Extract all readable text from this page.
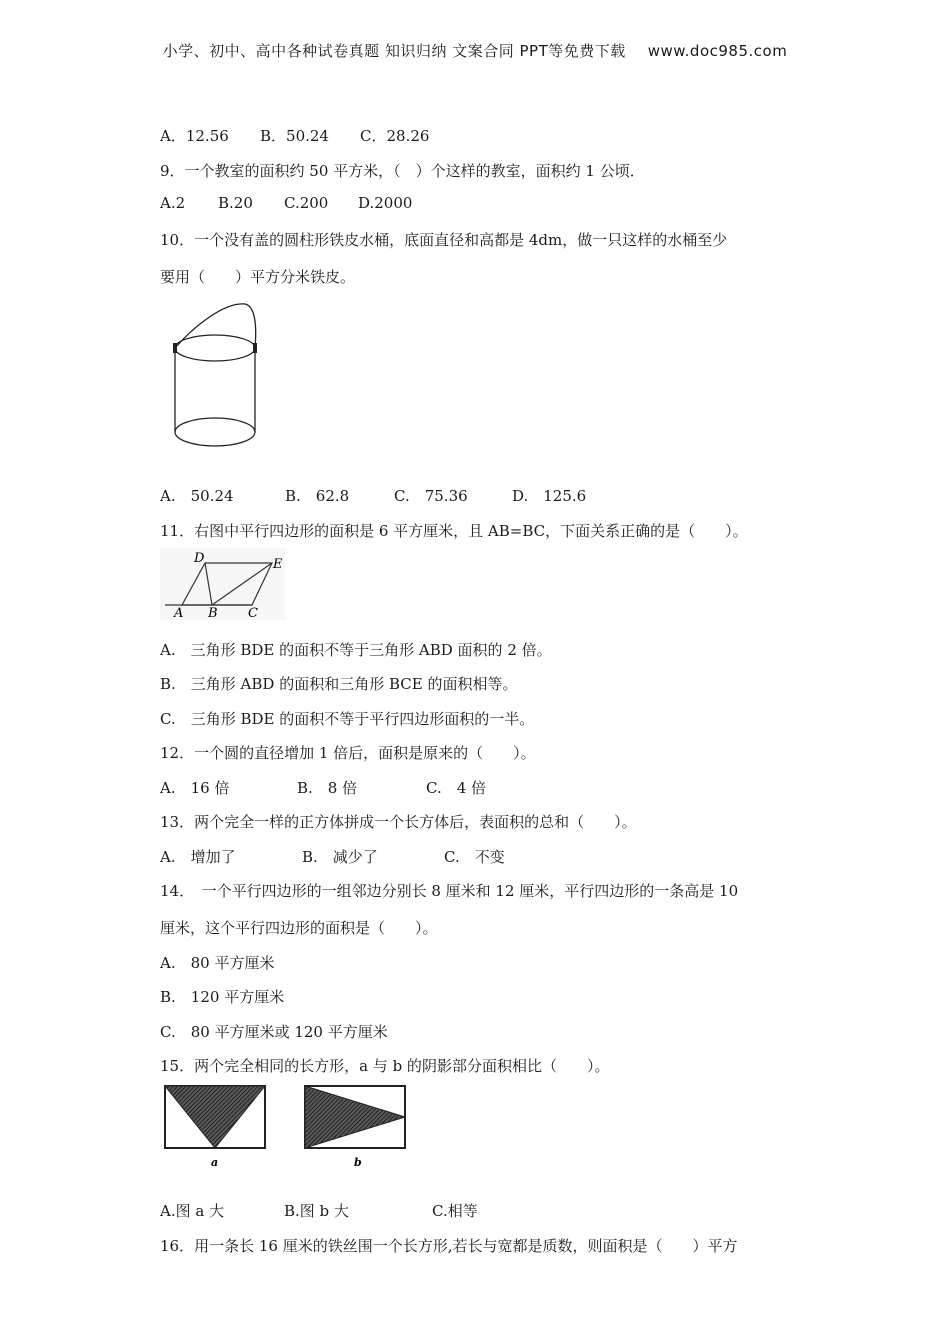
小学、初中、高中各种试卷真题 知识归纳 文案合同 PPT等免费下载 www.doc985.com
A．12.56 B．50.24 C．28.26
9．一个教室的面积约 50 平方米，（　）个这样的教室，面积约 1 公顷．
A.2 B.20 C.200 D.2000
10．一个没有盖的圆柱形铁皮水桶，底面直径和高都是 4dm，做一只这样的水桶至少
要用（　　）平方分米铁皮。
A.　50.24	B.　62.8	C.　75.36	D.　125.6
11．右图中平行四边形的面积是 6 平方厘米，且 AB=BC，下面关系正确的是（　　）。
A B C
D	E
A.　三角形 BDE 的面积不等于三角形 ABD 面积的 2 倍。
B.　三角形 ABD 的面积和三角形 BCE 的面积相等。
C.　三角形 BDE 的面积不等于平行四边形面积的一半。
12．一个圆的直径增加 1 倍后，面积是原来的（　　）。
A.　16 倍	B.　8 倍	C.　4 倍
13．两个完全一样的正方体拼成一个长方体后，表面积的总和（　　）。
A.　增加了	B.　减少了	C.　不变
14．　一个平行四边形的一组邻边分别长 8 厘米和 12 厘米，平行四边形的一条高是 10
厘米，这个平行四边形的面积是（　　）。
A.　80 平方厘米
B.　120 平方厘米
C.　80 平方厘米或 120 平方厘米
15．两个完全相同的长方形，a 与 b 的阴影部分面积相比（　　）。
a	b
A.图 a 大	B.图 b 大	C.相等
16．用一条长 16 厘米的铁丝围一个长方形,若长与宽都是质数，则面积是（　　）平方
